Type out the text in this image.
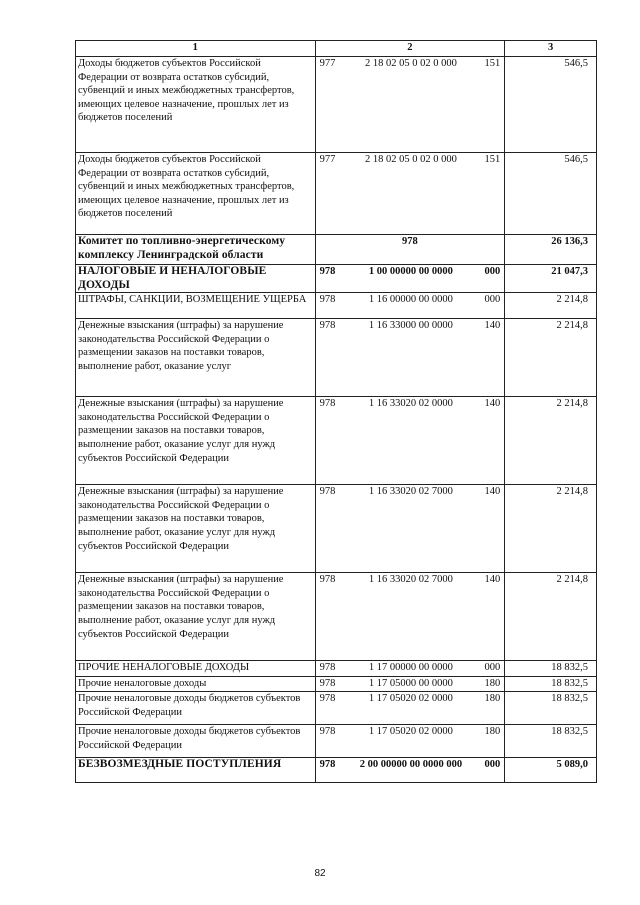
1	2	3
Доходы бюджетов субъектов Российской Федерации от возврата остатков субсидий, субвенций и иных межбюджетных трансфертов, имеющих целевое назначение, прошлых лет из бюджетов поселений	977 2 18 02 05 0 02 0 000 151	546,5
Доходы бюджетов субъектов Российской Федерации от возврата остатков субсидий, субвенций и иных межбюджетных трансфертов, имеющих целевое назначение, прошлых лет из бюджетов поселений	977 2 18 02 05 0 02 0 000 151	546,5
Комитет по топливно-энергетическому комплексу Ленинградской области	978	26 136,3
НАЛОГОВЫЕ И НЕНАЛОГОВЫЕ ДОХОДЫ	978 1 00 00000 00 0000 000	21 047,3
ШТРАФЫ, САНКЦИИ, ВОЗМЕЩЕНИЕ УЩЕРБА	978 1 16 00000 00 0000 000	2 214,8
Денежные взыскания (штрафы) за нарушение законодательства Российской Федерации о размещении заказов на поставки товаров, выполнение работ, оказание услуг	978 1 16 33000 00 0000 140	2 214,8
Денежные взыскания (штрафы) за нарушение законодательства Российской Федерации о размещении заказов на поставки товаров, выполнение работ, оказание услуг для нужд субъектов Российской Федерации	978 1 16 33020 02 0000 140	2 214,8
Денежные взыскания (штрафы) за нарушение законодательства Российской Федерации о размещении заказов на поставки товаров, выполнение работ, оказание услуг для нужд субъектов Российской Федерации	978 1 16 33020 02 7000 140	2 214,8
Денежные взыскания (штрафы) за нарушение законодательства Российской Федерации о размещении заказов на поставки товаров, выполнение работ, оказание услуг для нужд субъектов Российской Федерации	978 1 16 33020 02 7000 140	2 214,8
ПРОЧИЕ НЕНАЛОГОВЫЕ ДОХОДЫ	978 1 17 00000 00 0000 000	18 832,5
Прочие неналоговые доходы	978 1 17 05000 00 0000 180	18 832,5
Прочие неналоговые доходы бюджетов субъектов Российской Федерации	978 1 17 05020 02 0000 180	18 832,5
Прочие неналоговые доходы бюджетов субъектов Российской Федерации	978 1 17 05020 02 0000 180	18 832,5
БЕЗВОЗМЕЗДНЫЕ ПОСТУПЛЕНИЯ	978 2 00 00000 00 0000 000 000	5 089,0
82
